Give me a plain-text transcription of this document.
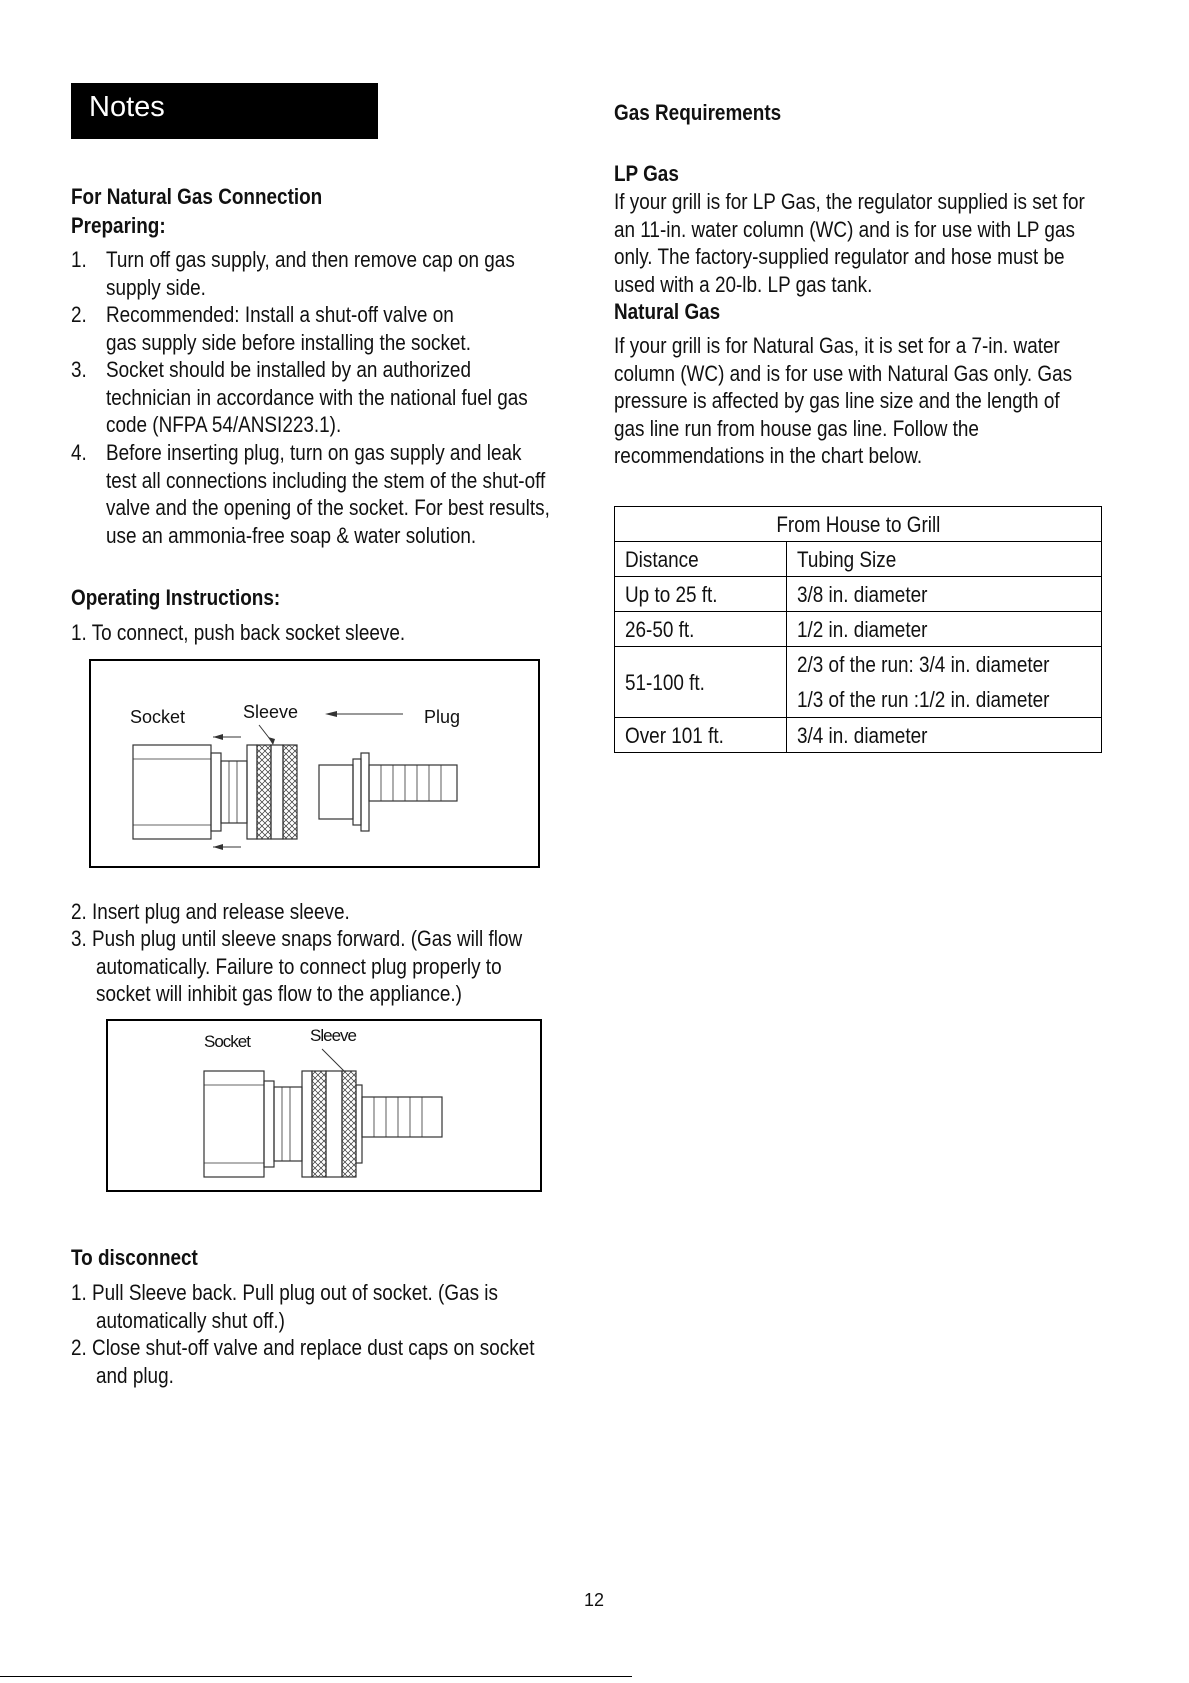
Notes
For Natural Gas Connection
Preparing:
1. Turn off gas supply, and then remove cap on gas
supply side.
2. Recommended: Install a shut-off valve on
gas supply side before installing the socket.
3. Socket should be installed by an authorized
technician in accordance with the national fuel gas
code (NFPA 54/ANSI223.1).
4. Before inserting plug, turn on gas supply and leak
test all connections including the stem of the shut-off
valve and the opening of the socket. For best results,
use an ammonia-free soap & water solution.
Operating Instructions:
1. To connect, push back socket sleeve.
Socket	Sleeve	Plug
2. Insert plug and release sleeve.
3. Push plug until sleeve snaps forward. (Gas will flow
automatically. Failure to connect plug properly to
socket will inhibit gas flow to the appliance.)
Socket	Sleeve
To disconnect
1. Pull Sleeve back. Pull plug out of socket. (Gas is
automatically shut off.)
2. Close shut-off valve and replace dust caps on socket
and plug.
Gas Requirements
LP Gas
If your grill is for LP Gas, the regulator supplied is set for
an 11-in. water column (WC) and is for use with LP gas
only. The factory-supplied regulator and hose must be
used with a 20-lb. LP gas tank.
Natural Gas
If your grill is for Natural Gas, it is set for a 7-in. water
column (WC) and is for use with Natural Gas only. Gas
pressure is affected by gas line size and the length of
gas line run from house gas line. Follow the
recommendations in the chart below.
From House to Grill	
Distance	Tubing Size
Up to 25 ft.	3/8 in. diameter
26-50 ft.	1/2 in. diameter
51-100 ft.	2/3 of the run: 3/4 in. diameter
1/3 of the run :1/2 in. diameter

Over 101 ft.	3/4 in. diameter
12
